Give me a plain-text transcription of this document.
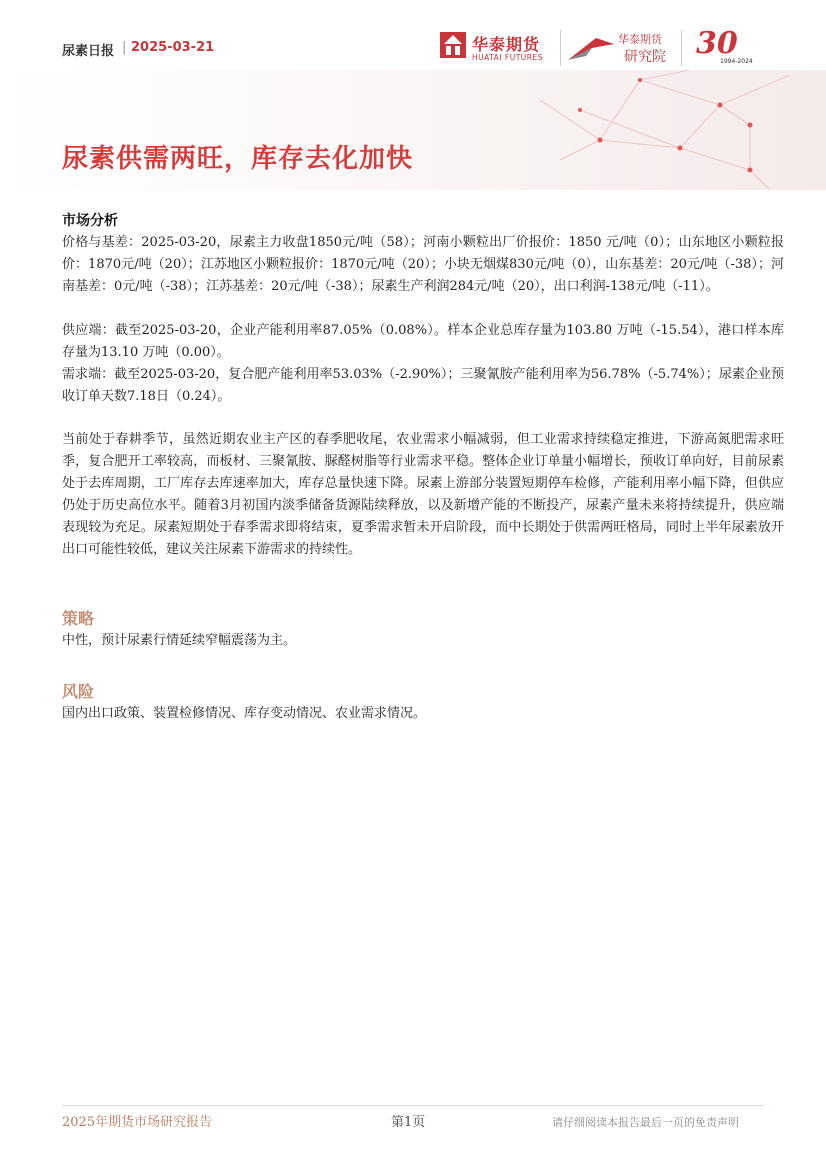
尿素日报 | 2025-03-21	华泰期货
HUATAI FUTURES
华泰期货
研究院 30
1994-2024
尿素供需两旺，库存去化加快
市场分析
价格与基差：2025-03-20，尿素主力收盘1850元/吨（58）；河南小颗粒出厂价报价：1850 元/吨（0）；山东地区小颗粒报价：1870元/吨（20）；江苏地区小颗粒报价：1870元/吨（20）；小块无烟煤830元/吨（0），山东基差：20元/吨（-38）；河南基差：0元/吨（-38）；江苏基差：20元/吨（-38）；尿素生产利润284元/吨（20），出口利润-138元/吨（-11）。
供应端：截至2025-03-20，企业产能利用率87.05%（0.08%）。样本企业总库存量为103.80 万吨（-15.54），港口样本库存量为13.10 万吨（0.00）。
需求端：截至2025-03-20，复合肥产能利用率53.03%（-2.90%）；三聚氰胺产能利用率为56.78%（-5.74%）；尿素企业预收订单天数7.18日（0.24）。
当前处于春耕季节，虽然近期农业主产区的春季肥收尾，农业需求小幅减弱，但工业需求持续稳定推进，下游高氮肥需求旺季，复合肥开工率较高，而板材、三聚氰胺、脲醛树脂等行业需求平稳。整体企业订单量小幅增长，预收订单向好，目前尿素处于去库周期，工厂库存去库速率加大，库存总量快速下降。尿素上游部分装置短期停车检修，产能利用率小幅下降，但供应仍处于历史高位水平。随着3月初国内淡季储备货源陆续释放，以及新增产能的不断投产，尿素产量未来将持续提升，供应端表现较为充足。尿素短期处于春季需求即将结束，夏季需求暂未开启阶段，而中长期处于供需两旺格局，同时上半年尿素放开出口可能性较低，建议关注尿素下游需求的持续性。
策略
中性，预计尿素行情延续窄幅震荡为主。
风险
国内出口政策、装置检修情况、库存变动情况、农业需求情况。
2025年期货市场研究报告	第1页	请仔细阅读本报告最后一页的免责声明
